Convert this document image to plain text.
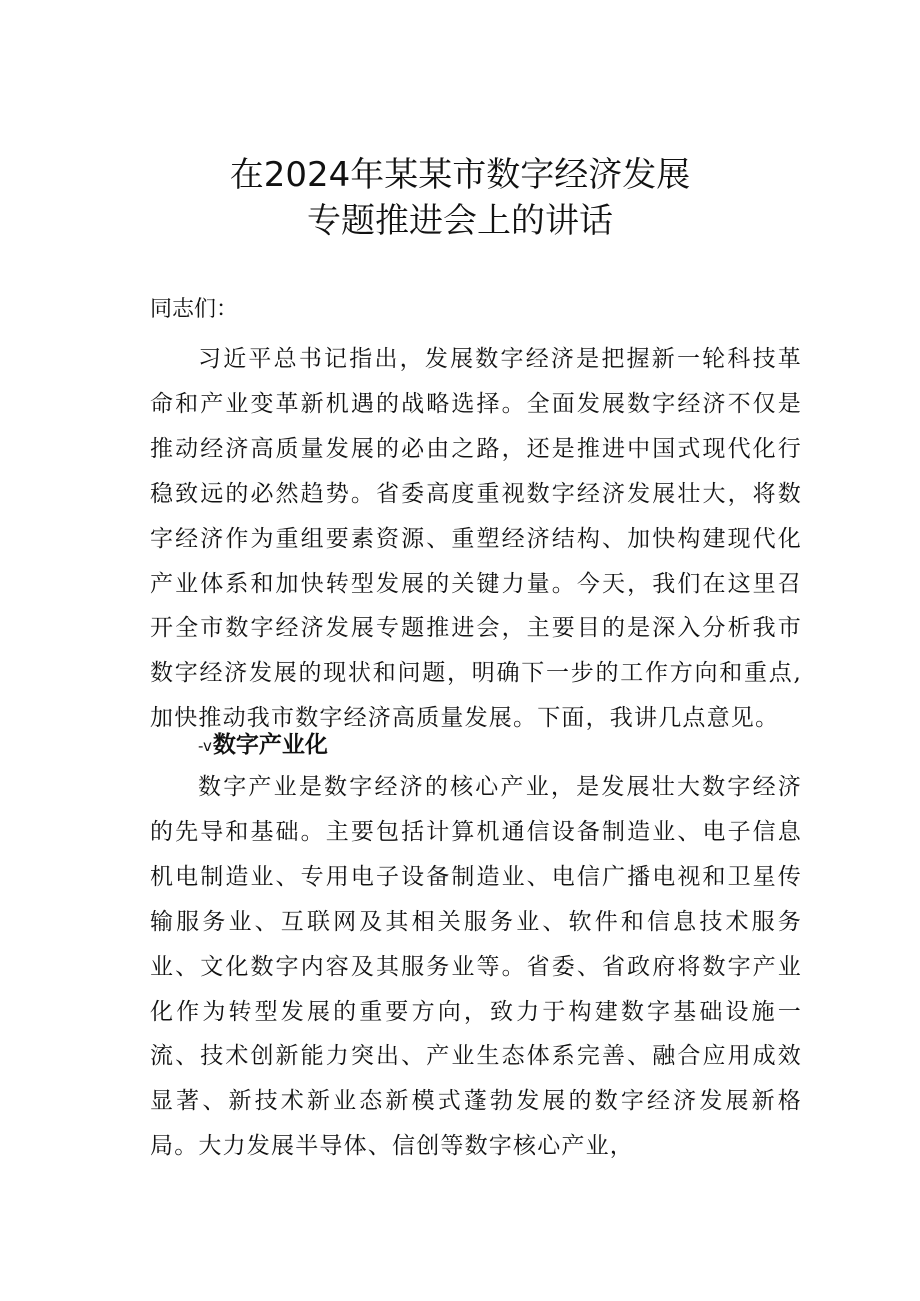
在2024年某某市数字经济发展
专题推进会上的讲话
同志们：

习近平总书记指出，发展数字经济是把握新一轮科技革命和产业变革新机遇的战略选择。全面发展数字经济不仅是推动经济高质量发展的必由之路，还是推进中国式现代化行稳致远的必然趋势。省委高度重视数字经济发展壮大，将数字经济作为重组要素资源、重塑经济结构、加快构建现代化产业体系和加快转型发展的关键力量。今天，我们在这里召开全市数字经济发展专题推进会，主要目的是深入分析我市数字经济发展的现状和问题，明确下一步的工作方向和重点,加快推动我市数字经济高质量发展。下面，我讲几点意见。

-v数字产业化

数字产业是数字经济的核心产业，是发展壮大数字经济的先导和基础。主要包括计算机通信设备制造业、电子信息机电制造业、专用电子设备制造业、电信广播电视和卫星传输服务业、互联网及其相关服务业、软件和信息技术服务业、文化数字内容及其服务业等。省委、省政府将数字产业化作为转型发展的重要方向，致力于构建数字基础设施一流、技术创新能力突出、产业生态体系完善、融合应用成效显著、新技术新业态新模式蓬勃发展的数字经济发展新格局。大力发展半导体、信创等数字核心产业，
